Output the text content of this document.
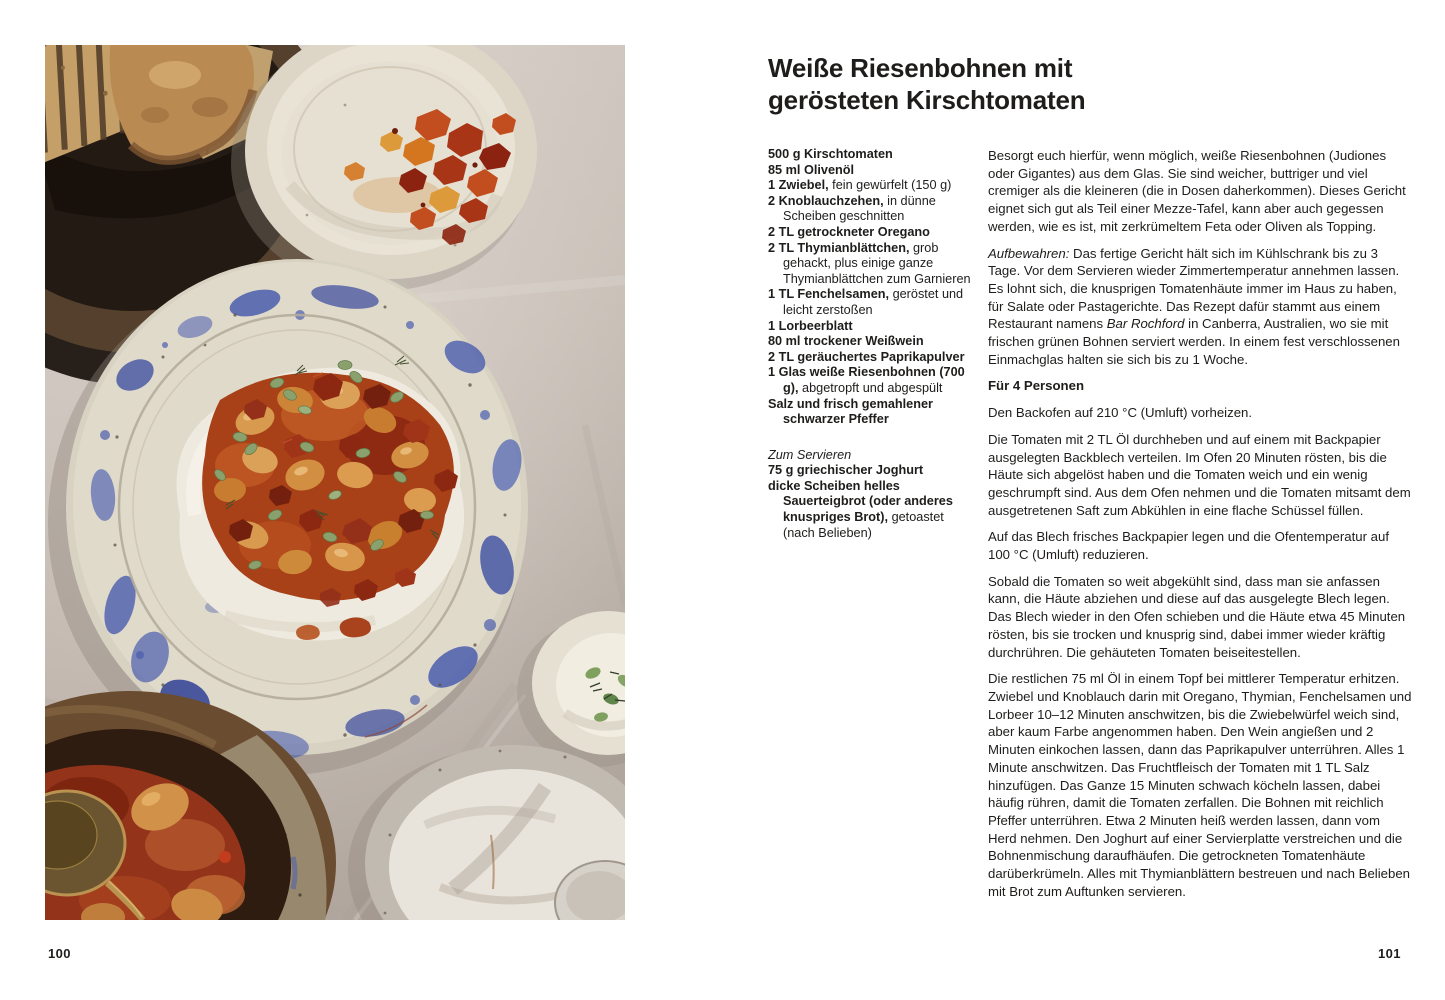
100
Weiße Riesenbohnen mit
gerösteten Kirschtomaten
500 g Kirschtomaten
85 ml Olivenöl
1 Zwiebel, fein gewürfelt (150 g)
2 Knoblauchzehen, in dünne Scheiben geschnitten
2 TL getrockneter Oregano
2 TL Thymianblättchen, grob gehackt, plus einige ganze Thymianblättchen zum Garnieren
1 TL Fenchelsamen, geröstet und leicht zerstoßen
1 Lorbeerblatt
80 ml trockener Weißwein
2 TL geräuchertes Paprikapulver
1 Glas weiße Riesenbohnen (700 g), abgetropft und abgespült
Salz und frisch gemahlener schwarzer Pfeffer
Zum Servieren
75 g griechischer Joghurt
dicke Scheiben helles Sauerteigbrot (oder anderes knuspriges Brot), getoastet (nach Belieben)

Besorgt euch hierfür, wenn möglich, weiße Riesenbohnen (Judiones oder Gigantes) aus dem Glas. Sie sind weicher, buttriger und viel cremiger als die kleineren (die in Dosen daherkommen). Dieses Gericht eignet sich gut als Teil einer Mezze-Tafel, kann aber auch gegessen werden, wie es ist, mit zerkrümeltem Feta oder Oliven als Topping.

Aufbewahren: Das fertige Gericht hält sich im Kühlschrank bis zu 3 Tage. Vor dem Servieren wieder Zimmertemperatur annehmen lassen. Es lohnt sich, die knusprigen Tomatenhäute immer im Haus zu haben, für Salate oder Pastagerichte. Das Rezept dafür stammt aus einem Restaurant namens Bar Rochford in Canberra, Australien, wo sie mit frischen grünen Bohnen serviert werden. In einem fest verschlossenen Einmachglas halten sie sich bis zu 1 Woche.

Für 4 Personen

Den Backofen auf 210 °C (Umluft) vorheizen.

Die Tomaten mit 2 TL Öl durchheben und auf einem mit Backpapier ausgelegten Backblech verteilen. Im Ofen 20 Minuten rösten, bis die Häute sich abgelöst haben und die Tomaten weich und ein wenig geschrumpft sind. Aus dem Ofen nehmen und die Tomaten mitsamt dem ausgetretenen Saft zum Abkühlen in eine flache Schüssel füllen.

Auf das Blech frisches Backpapier legen und die Ofentemperatur auf 100 °C (Umluft) reduzieren.

Sobald die Tomaten so weit abgekühlt sind, dass man sie anfassen kann, die Häute abziehen und diese auf das ausgelegte Blech legen. Das Blech wieder in den Ofen schieben und die Häute etwa 45 Minuten rösten, bis sie trocken und knusprig sind, dabei immer wieder kräftig durchrühren. Die gehäuteten Tomaten beiseitestellen.

Die restlichen 75 ml Öl in einem Topf bei mittlerer Temperatur erhitzen. Zwiebel und Knoblauch darin mit Oregano, Thymian, Fenchelsamen und Lorbeer 10–12 Minuten anschwitzen, bis die Zwiebelwürfel weich sind, aber kaum Farbe angenommen haben. Den Wein angießen und 2 Minuten einkochen lassen, dann das Paprikapulver unterrühren. Alles 1 Minute anschwitzen. Das Fruchtfleisch der Tomaten mit 1 TL Salz hinzufügen. Das Ganze 15 Minuten schwach köcheln lassen, dabei häufig rühren, damit die Tomaten zerfallen. Die Bohnen mit reichlich Pfeffer unterrühren. Etwa 2 Minuten heiß werden lassen, dann vom Herd nehmen. Den Joghurt auf einer Servierplatte verstreichen und die Bohnenmischung daraufhäufen. Die getrockneten Tomatenhäute darüberkrümeln. Alles mit Thymianblättern bestreuen und nach Belieben mit Brot zum Auftunken servieren.

101
